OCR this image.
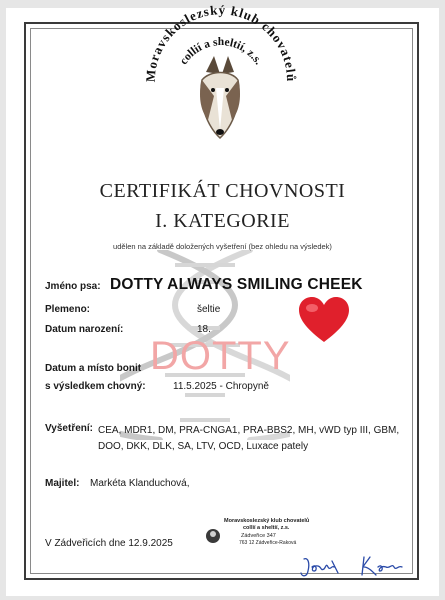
Moravskoslezský klub chovatelů
collií a sheltií, z.s.
CERTIFIKÁT CHOVNOSTI
I. KATEGORIE
udělen na základě doložených vyšetření (bez ohledu na výsledek)
Jméno psa: DOTTY ALWAYS SMILING CHEEK
Plemeno:	šeltie
Datum narození:	18.
Datum a místo bonit
s výsledkem chovný:	11.5.2025 - Chropyně
Vyšetření: CEA, MDR1, DM, PRA-CNGA1, PRA-BBS2, MH, vWD typ III, GBM, DOO, DKK, DLK, SA, LTV, OCD, Luxace pately
Majitel: Markéta Klanduchová,
DOTTY
V Zádveřicích dne 12.9.2025
Moravskoslezský klub chovatelů
collií a sheltií, z.s.
Zádveřice 347
763 12 Zádveřice-Raková
